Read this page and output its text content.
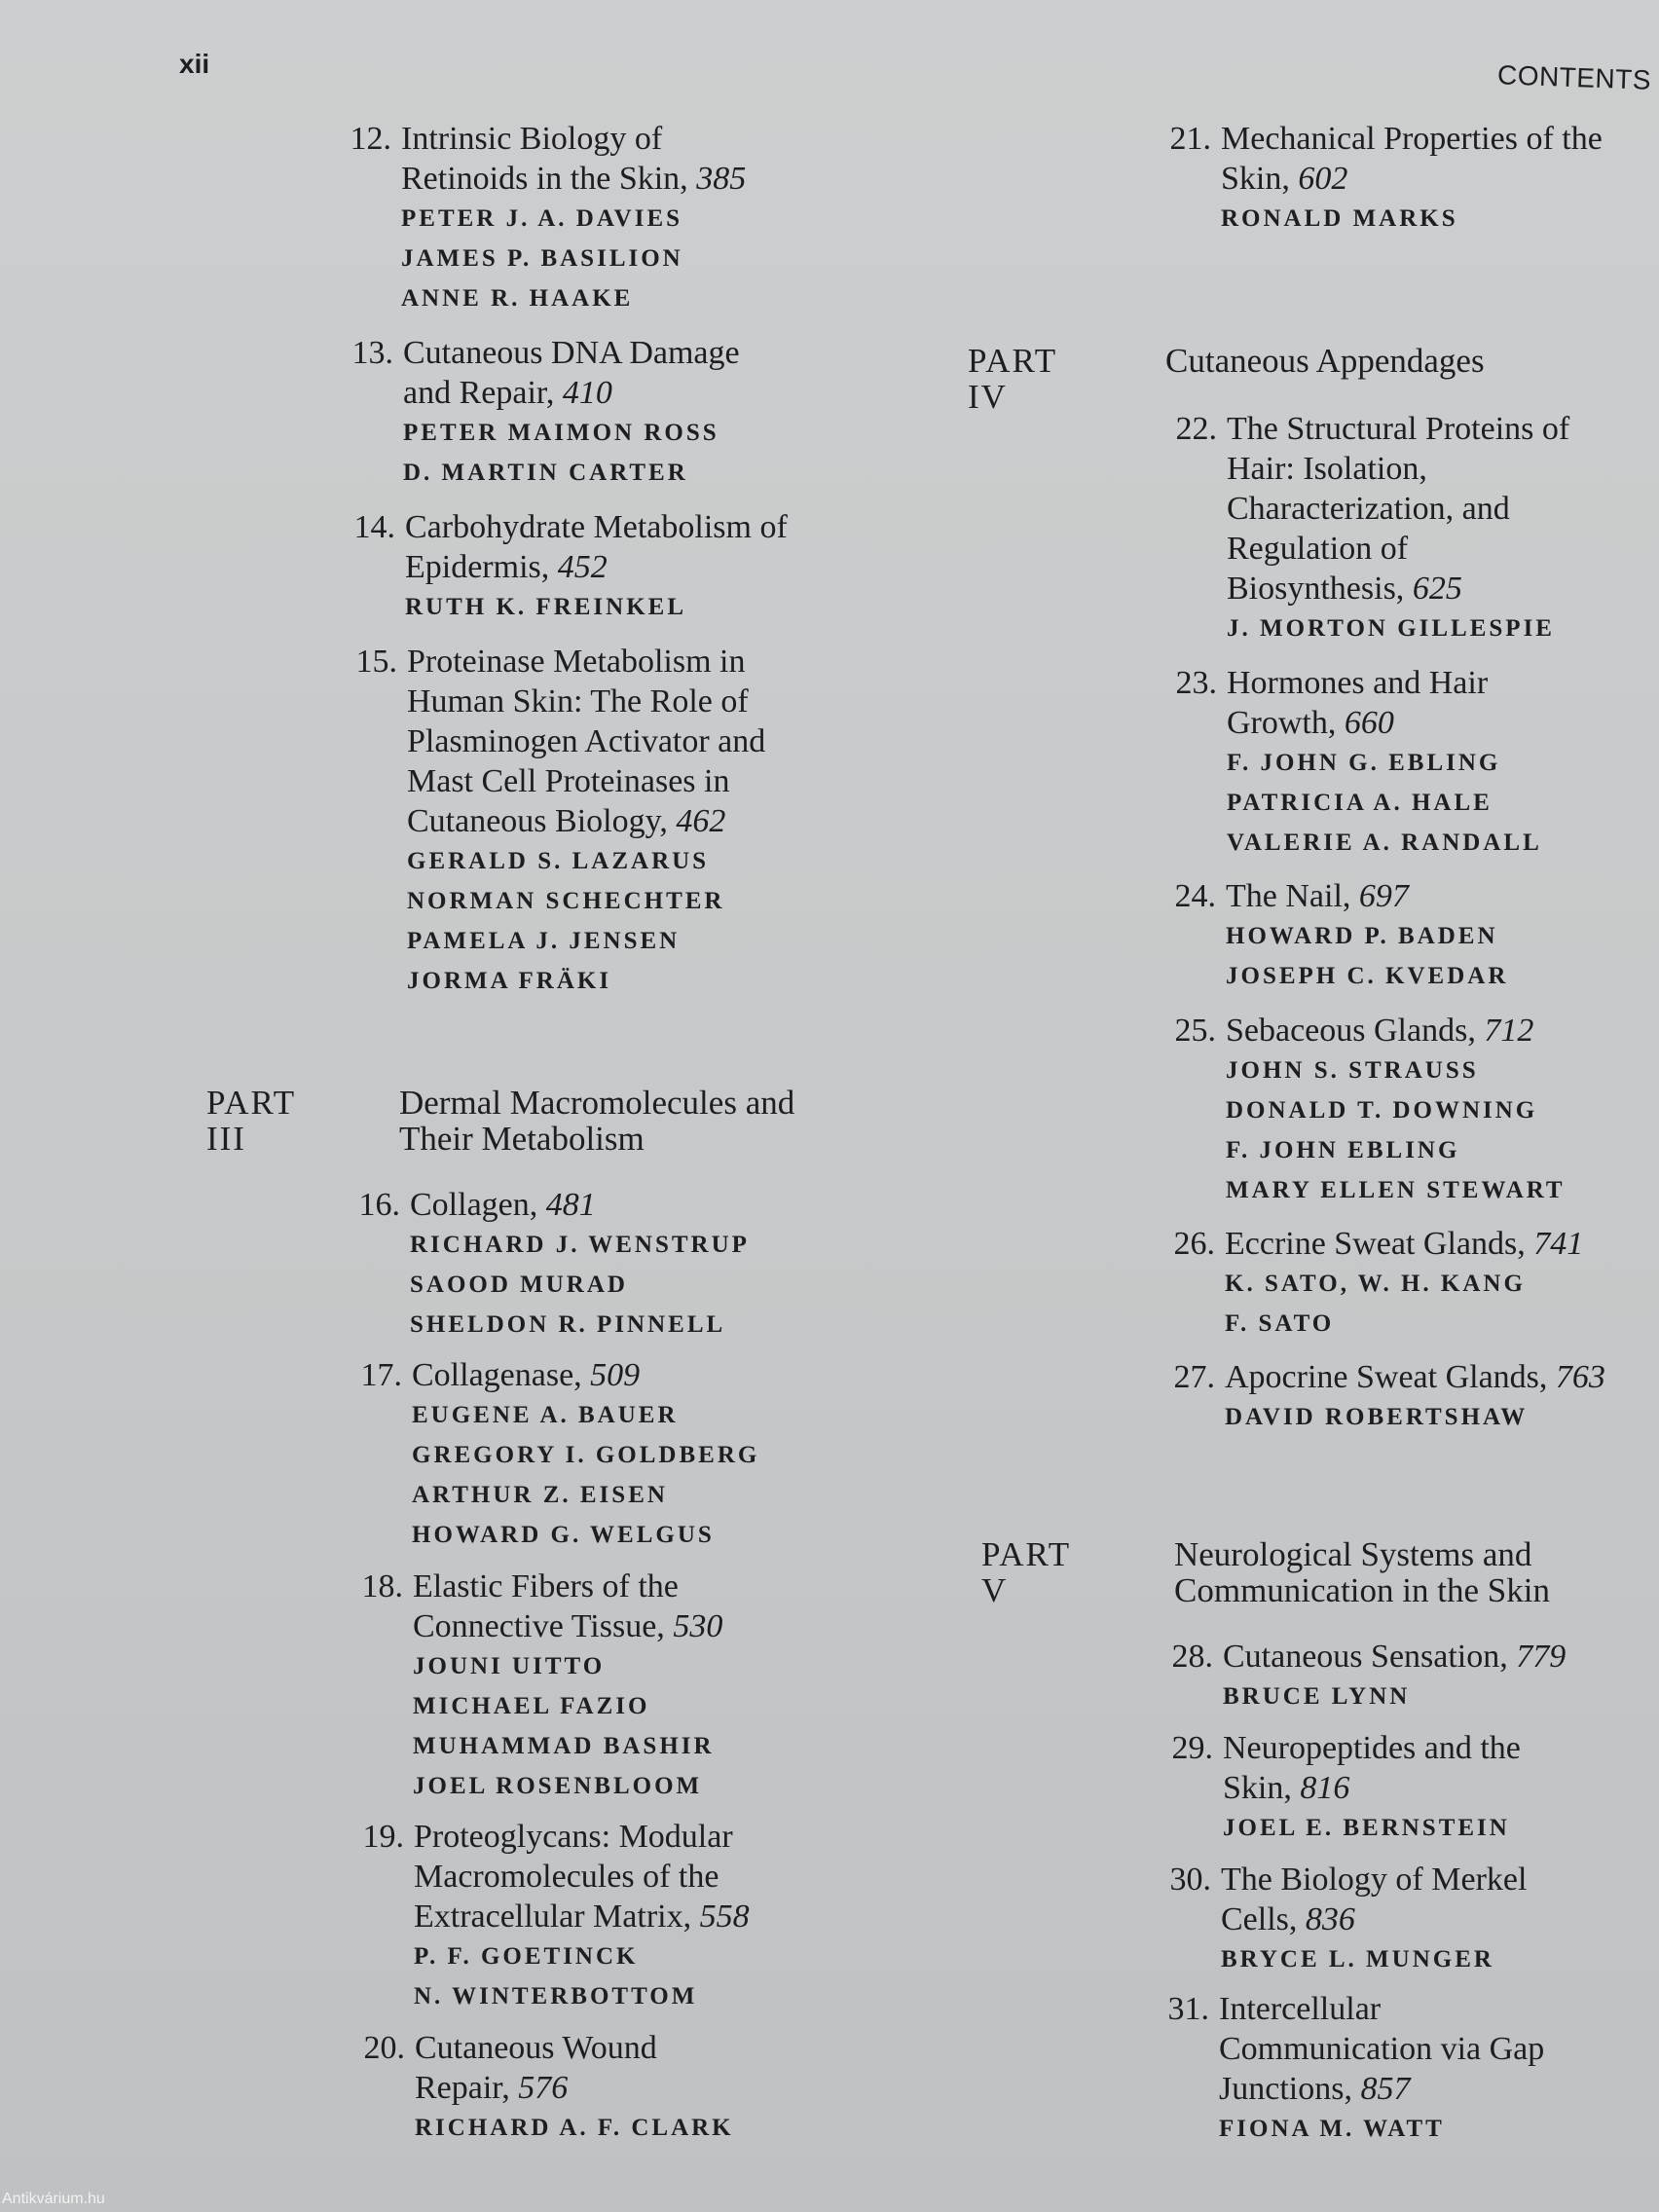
xii	CONTENTS
12. Intrinsic Biology of
Retinoids in the Skin, 385
PETER J. A. DAVIES
JAMES P. BASILION
ANNE R. HAAKE
13. Cutaneous DNA Damage
and Repair, 410
PETER MAIMON ROSS
D. MARTIN CARTER
14. Carbohydrate Metabolism of
Epidermis, 452
RUTH K. FREINKEL
15. Proteinase Metabolism in
Human Skin: The Role of
Plasminogen Activator and
Mast Cell Proteinases in
Cutaneous Biology, 462
GERALD S. LAZARUS
NORMAN SCHECHTER
PAMELA J. JENSEN
JORMA FRÄKI
PART III
Dermal Macromolecules and
Their Metabolism
16. Collagen, 481
RICHARD J. WENSTRUP
SAOOD MURAD
SHELDON R. PINNELL
17. Collagenase, 509
EUGENE A. BAUER
GREGORY I. GOLDBERG
ARTHUR Z. EISEN
HOWARD G. WELGUS
18. Elastic Fibers of the
Connective Tissue, 530
JOUNI UITTO
MICHAEL FAZIO
MUHAMMAD BASHIR
JOEL ROSENBLOOM
19. Proteoglycans: Modular
Macromolecules of the
Extracellular Matrix, 558
P. F. GOETINCK
N. WINTERBOTTOM
20. Cutaneous Wound
Repair, 576
RICHARD A. F. CLARK
21. Mechanical Properties of the
Skin, 602
RONALD MARKS
PART IV
Cutaneous Appendages
22. The Structural Proteins of
Hair: Isolation,
Characterization, and
Regulation of
Biosynthesis, 625
J. MORTON GILLESPIE
23. Hormones and Hair
Growth, 660
F. JOHN G. EBLING
PATRICIA A. HALE
VALERIE A. RANDALL
24. The Nail, 697
HOWARD P. BADEN
JOSEPH C. KVEDAR
25. Sebaceous Glands, 712
JOHN S. STRAUSS
DONALD T. DOWNING
F. JOHN EBLING
MARY ELLEN STEWART
26. Eccrine Sweat Glands, 741
K. SATO, W. H. KANG
F. SATO
27. Apocrine Sweat Glands, 763
DAVID ROBERTSHAW
PART V
Neurological Systems and
Communication in the Skin
28. Cutaneous Sensation, 779
BRUCE LYNN
29. Neuropeptides and the
Skin, 816
JOEL E. BERNSTEIN
30. The Biology of Merkel
Cells, 836
BRYCE L. MUNGER
31. Intercellular
Communication via Gap
Junctions, 857
FIONA M. WATT
Antikvárium.hu
